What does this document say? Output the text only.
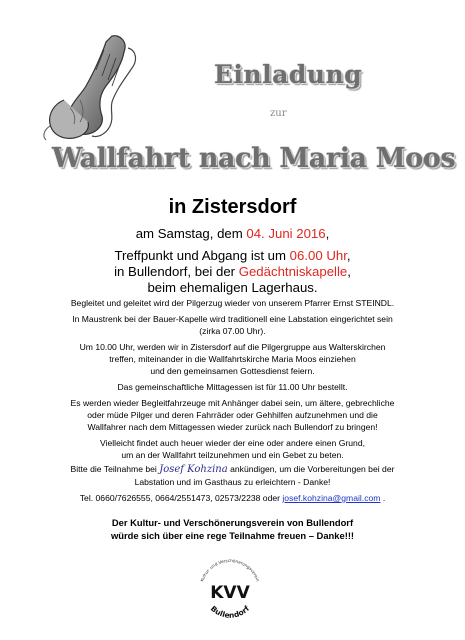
Einladung
zur
Wallfahrt nach Maria Moos
in Zistersdorf
am Samstag, dem 04. Juni 2016,
Treffpunkt und Abgang ist um 06.00 Uhr,
in Bullendorf, bei der Gedächtniskapelle,
beim ehemaligen Lagerhaus.
Begleitet und geleitet wird der Pilgerzug wieder von unserem Pfarrer Ernst STEINDL.
In Maustrenk bei der Bauer-Kapelle wird traditionell eine Labstation eingerichtet sein
(zirka 07.00 Uhr).
Um 10.00 Uhr, werden wir in Zistersdorf auf die Pilgergruppe aus Walterskirchen
treffen, miteinander in die Wallfahrtskirche Maria Moos einziehen
und den gemeinsamen Gottesdienst feiern.
Das gemeinschaftliche Mittagessen ist für 11.00 Uhr bestellt.
Es werden wieder Begleitfahrzeuge mit Anhänger dabei sein, um ältere, gebrechliche
oder müde Pilger und deren Fahrräder oder Gehhilfen aufzunehmen und die
Wallfahrer nach dem Mittagessen wieder zurück nach Bullendorf zu bringen!
Vielleicht findet auch heuer wieder der eine oder andere einen Grund,
um an der Wallfahrt teilzunehmen und ein Gebet zu beten.
Bitte die Teilnahme bei Josef Kohzina ankündigen, um die Vorbereitungen bei der
Labstation und im Gasthaus zu erleichtern - Danke!
Tel. 0660/7626555, 0664/2551473, 02573/2238 oder josef.kohzina@gmail.com .
Der Kultur- und Verschönerungsverein von Bullendorf
würde sich über eine rege Teilnahme freuen – Danke!!!
Kultur- und Verschönerungsverein
KVV
Bullendorf
